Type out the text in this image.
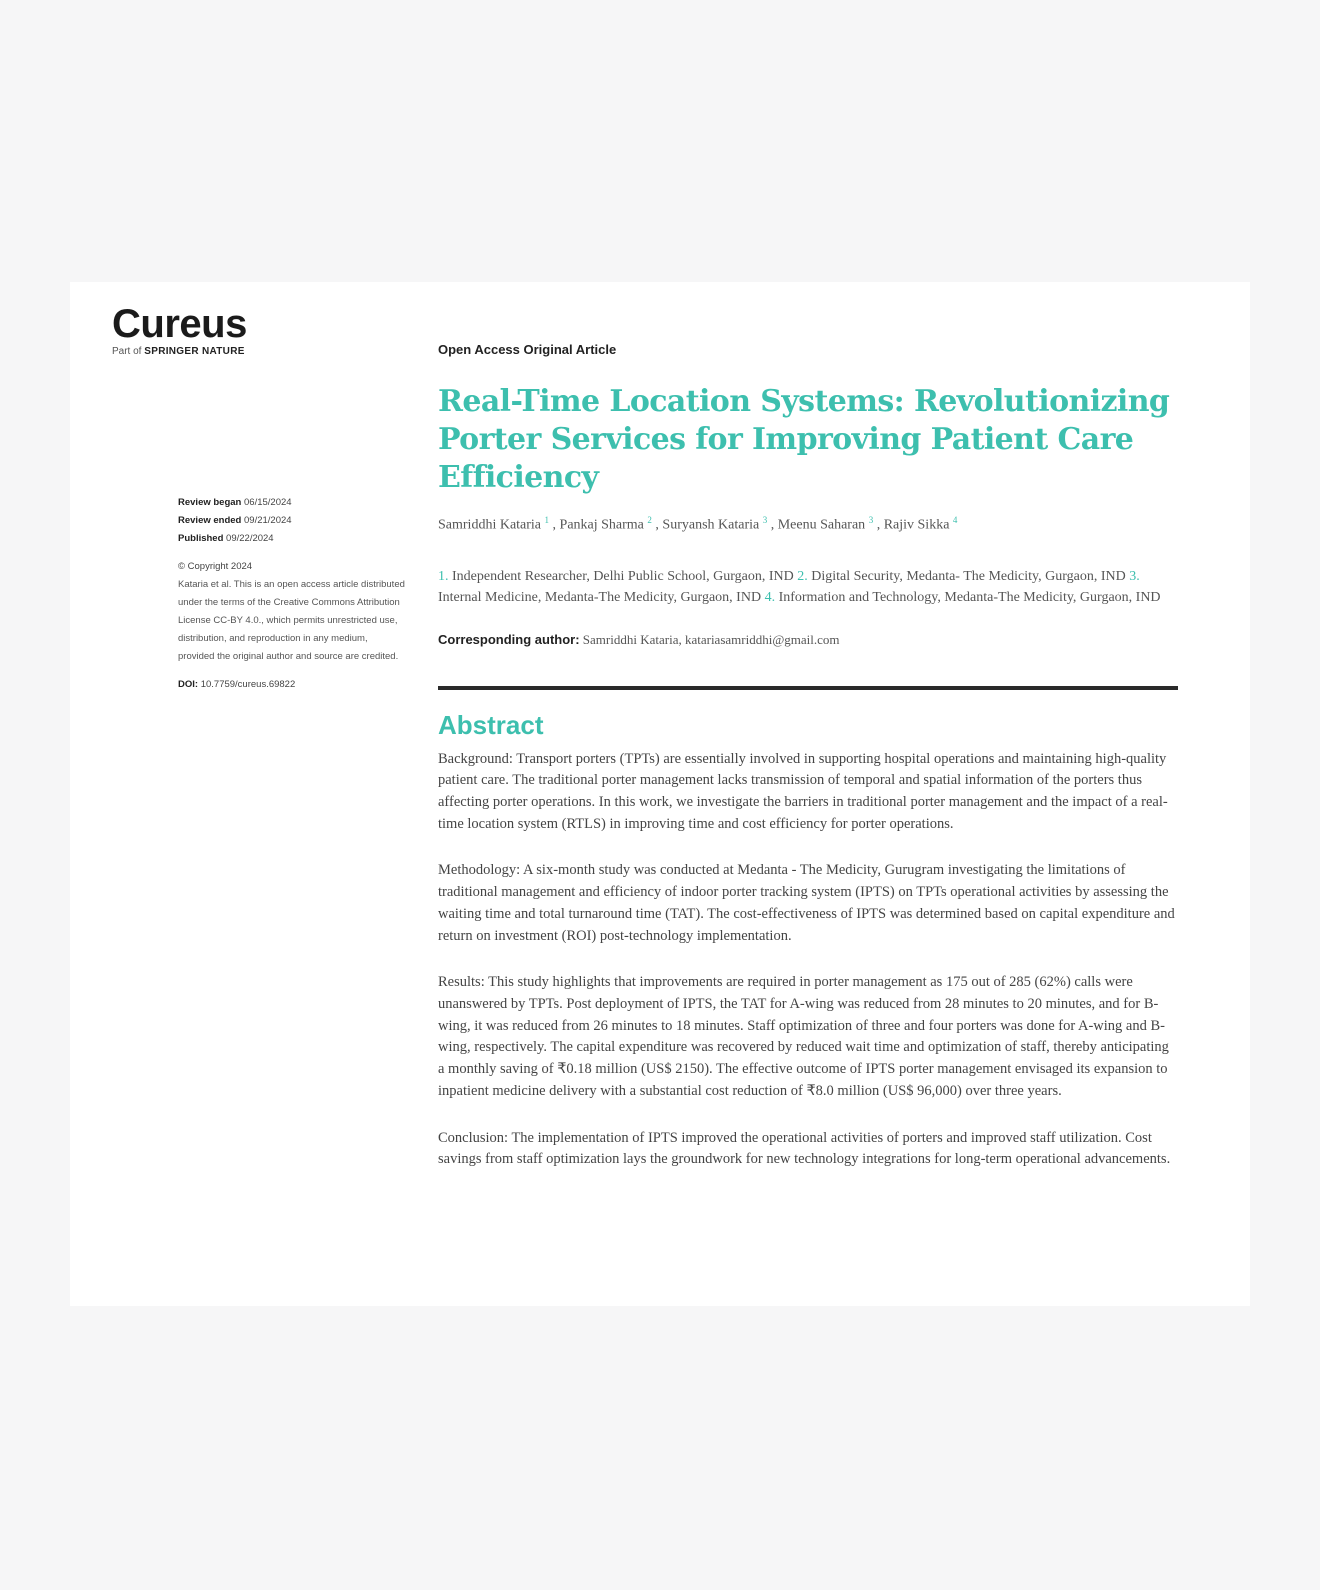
Cureus
Part of SPRINGER NATURE
Review began 06/15/2024
Review ended 09/21/2024
Published 09/22/2024
© Copyright 2024
Kataria et al. This is an open access article distributed under the terms of the Creative Commons Attribution License CC-BY 4.0., which permits unrestricted use, distribution, and reproduction in any medium, provided the original author and source are credited.
DOI: 10.7759/cureus.69822
Open Access Original Article
Real-Time Location Systems: Revolutionizing Porter Services for Improving Patient Care Efficiency
Samriddhi Kataria $^1$ , Pankaj Sharma $^2$ , Suryansh Kataria $^3$ , Meenu Saharan $^3$ , Rajiv Sikka $^4$
1. Independent Researcher, Delhi Public School, Gurgaon, IND 2. Digital Security, Medanta- The Medicity, Gurgaon, IND 3. Internal Medicine, Medanta-The Medicity, Gurgaon, IND 4. Information and Technology, Medanta-The Medicity, Gurgaon, IND
Corresponding author: Samriddhi Kataria, katariasamriddhi@gmail.com
Abstract

Background: Transport porters (TPTs) are essentially involved in supporting hospital operations and maintaining high-quality patient care. The traditional porter management lacks transmission of temporal and spatial information of the porters thus affecting porter operations. In this work, we investigate the barriers in traditional porter management and the impact of a real-time location system (RTLS) in improving time and cost efficiency for porter operations.

Methodology: A six-month study was conducted at Medanta - The Medicity, Gurugram investigating the limitations of traditional management and efficiency of indoor porter tracking system (IPTS) on TPTs operational activities by assessing the waiting time and total turnaround time (TAT). The cost-effectiveness of IPTS was determined based on capital expenditure and return on investment (ROI) post-technology implementation.

Results: This study highlights that improvements are required in porter management as 175 out of 285 (62%) calls were unanswered by TPTs. Post deployment of IPTS, the TAT for A-wing was reduced from 28 minutes to 20 minutes, and for B-wing, it was reduced from 26 minutes to 18 minutes. Staff optimization of three and four porters was done for A-wing and B-wing, respectively. The capital expenditure was recovered by reduced wait time and optimization of staff, thereby anticipating a monthly saving of ₹0.18 million (US$ 2150). The effective outcome of IPTS porter management envisaged its expansion to inpatient medicine delivery with a substantial cost reduction of ₹8.0 million (US$ 96,000) over three years.

Conclusion: The implementation of IPTS improved the operational activities of porters and improved staff utilization. Cost savings from staff optimization lays the groundwork for new technology integrations for long-term operational advancements.
